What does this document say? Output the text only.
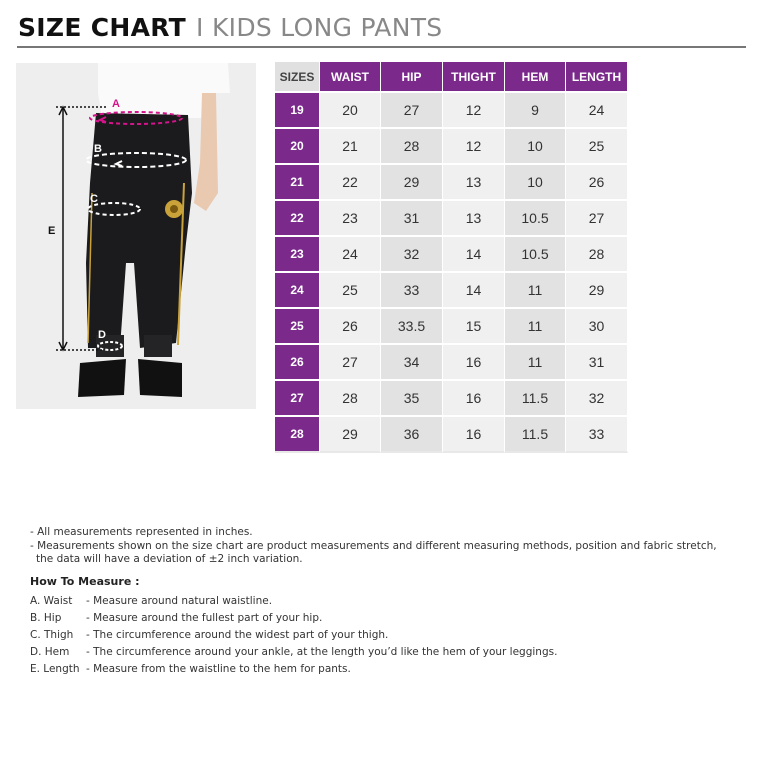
SIZE CHART I KIDS LONG PANTS
A
B
C
D
E
SIZES	WAIST	HIP	THIGHT	HEM	LENGTH
19	20	27	12	9	24
20	21	28	12	10	25
21	22	29	13	10	26
22	23	31	13	10.5	27
23	24	32	14	10.5	28
24	25	33	14	11	29
25	26	33.5	15	11	30
26	27	34	16	11	31
27	28	35	16	11.5	32
28	29	36	16	11.5	33
- All measurements represented in inches.
- Measurements shown on the size chart are product measurements and different measuring methods, position and fabric stretch,
the data will have a deviation of ±2 inch variation.
How To Measure :
A. Waist	- Measure around natural waistline.
B. Hip	- Measure around the fullest part of your hip.
C. Thigh	- The circumference around the widest part of your thigh.
D. Hem	- The circumference around your ankle, at the length you’d like the hem of your leggings.
E. Length - Measure from the waistline to the hem for pants.
